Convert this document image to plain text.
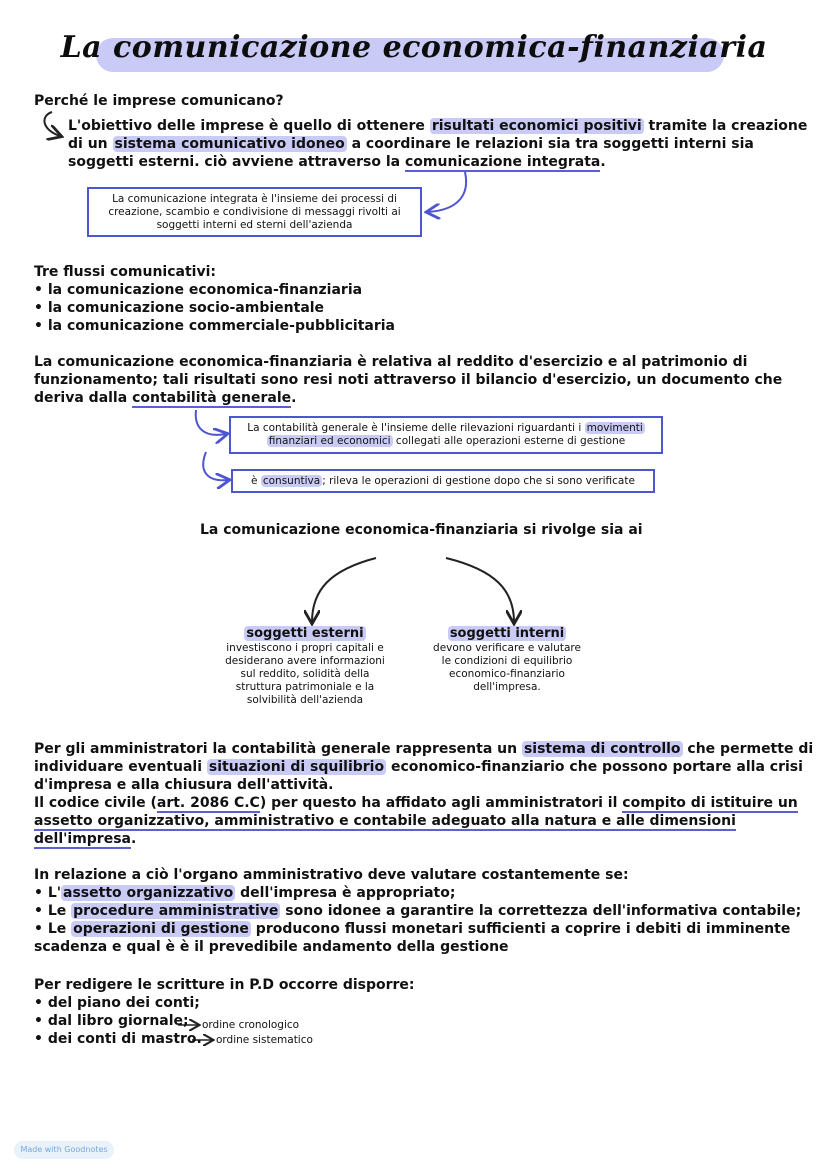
La comunicazione economica-finanziaria
Perché le imprese comunicano?
L'obiettivo delle imprese è quello di ottenere risultati economici positivi tramite la creazione
di un sistema comunicativo idoneo a coordinare le relazioni sia tra soggetti interni sia
soggetti esterni. ciò avviene attraverso la comunicazione integrata.
La comunicazione integrata è l'insieme dei processi di
creazione, scambio e condivisione di messaggi rivolti ai
soggetti interni ed sterni dell'azienda
Tre flussi comunicativi:
• la comunicazione economica-finanziaria
• la comunicazione socio-ambientale
• la comunicazione commerciale-pubblicitaria
La comunicazione economica-finanziaria è relativa al reddito d'esercizio e al patrimonio di
funzionamento; tali risultati sono resi noti attraverso il bilancio d'esercizio, un documento che
deriva dalla contabilità generale.
La contabilità generale è l'insieme delle rilevazioni riguardanti i movimenti
finanziari ed economici collegati alle operazioni esterne di gestione
è consuntiva ; rileva le operazioni di gestione dopo che si sono verificate
La comunicazione economica-finanziaria si rivolge sia ai
soggetti esterni
investiscono i propri capitali e
desiderano avere informazioni
sul reddito, solidità della
struttura patrimoniale e la
solvibilità dell'azienda
soggetti interni
devono verificare e valutare
le condizioni di equilibrio
economico-finanziario
dell'impresa.
Per gli amministratori la contabilità generale rappresenta un sistema di controllo che permette di
individuare eventuali situazioni di squilibrio economico-finanziario che possono portare alla crisi
d'impresa e alla chiusura dell'attività.
Il codice civile (art. 2086 C.C) per questo ha affidato agli amministratori il compito di istituire un
assetto organizzativo, amministrativo e contabile adeguato alla natura e alle dimensioni
dell'impresa.
In relazione a ciò l'organo amministrativo deve valutare costantemente se:
• L' assetto organizzativo dell'impresa è appropriato;
• Le procedure amministrative sono idonee a garantire la correttezza dell'informativa contabile;
• Le operazioni di gestione producono flussi monetari sufficienti a coprire i debiti di imminente
scadenza e qual è è il prevedibile andamento della gestione
Per redigere le scritture in P.D occorre disporre:
• del piano dei conti;
• dal libro giornale; ordine cronologico
• dei conti di mastro. ordine sistematico
Made with Goodnotes
